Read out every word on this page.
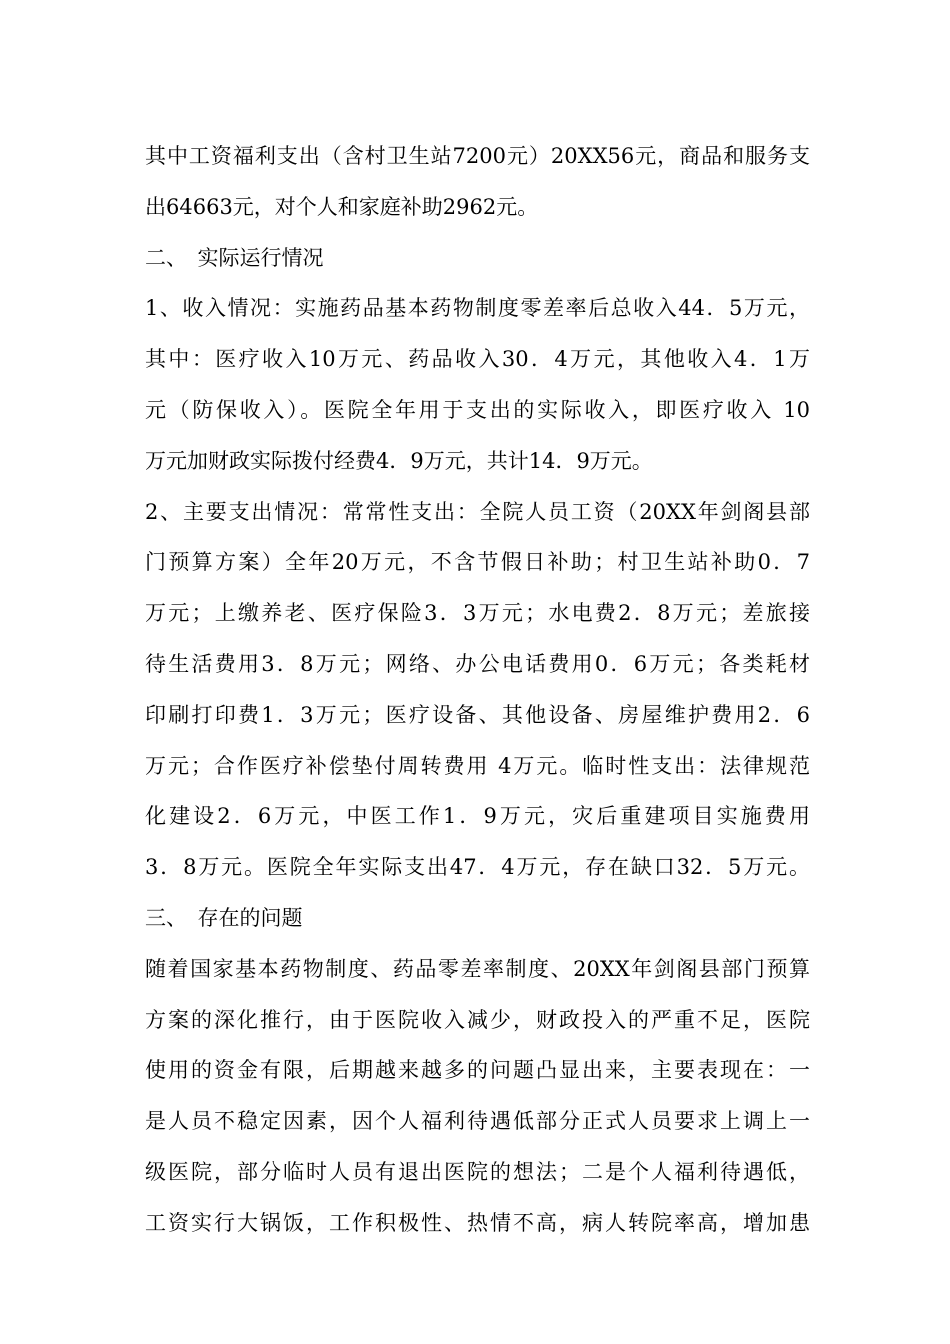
其中工资福利支出（含村卫生站7200元）20XX56元，商品和服务支
出64663元，对个人和家庭补助2962元。
二、　实际运行情况
1、收入情况：实施药品基本药物制度零差率后总收入44．5万元，
其中：医疗收入10万元、药品收入30．4万元，其他收入4．1万
元（防保收入）。医院全年用于支出的实际收入，即医疗收入 10
万元加财政实际拨付经费4．9万元，共计14．9万元。
2、主要支出情况：常常性支出：全院人员工资（20XX年剑阁县部
门预算方案）全年20万元，不含节假日补助；村卫生站补助0．7
万元；上缴养老、医疗保险3．3万元；水电费2．8万元；差旅接
待生活费用3．8万元；网络、办公电话费用0．6万元；各类耗材
印刷打印费1．3万元；医疗设备、其他设备、房屋维护费用2．6
万元；合作医疗补偿垫付周转费用 4万元。临时性支出：法律规范
化建设2．6万元，中医工作1．9万元，灾后重建项目实施费用
3．8万元。医院全年实际支出47．4万元，存在缺口32．5万元。
三、　存在的问题
随着国家基本药物制度、药品零差率制度、20XX年剑阁县部门预算
方案的深化推行，由于医院收入减少，财政投入的严重不足，医院
使用的资金有限，后期越来越多的问题凸显出来，主要表现在：一
是人员不稳定因素，因个人福利待遇低部分正式人员要求上调上一
级医院，部分临时人员有退出医院的想法；二是个人福利待遇低，
工资实行大锅饭，工作积极性、热情不高，病人转院率高，增加患
